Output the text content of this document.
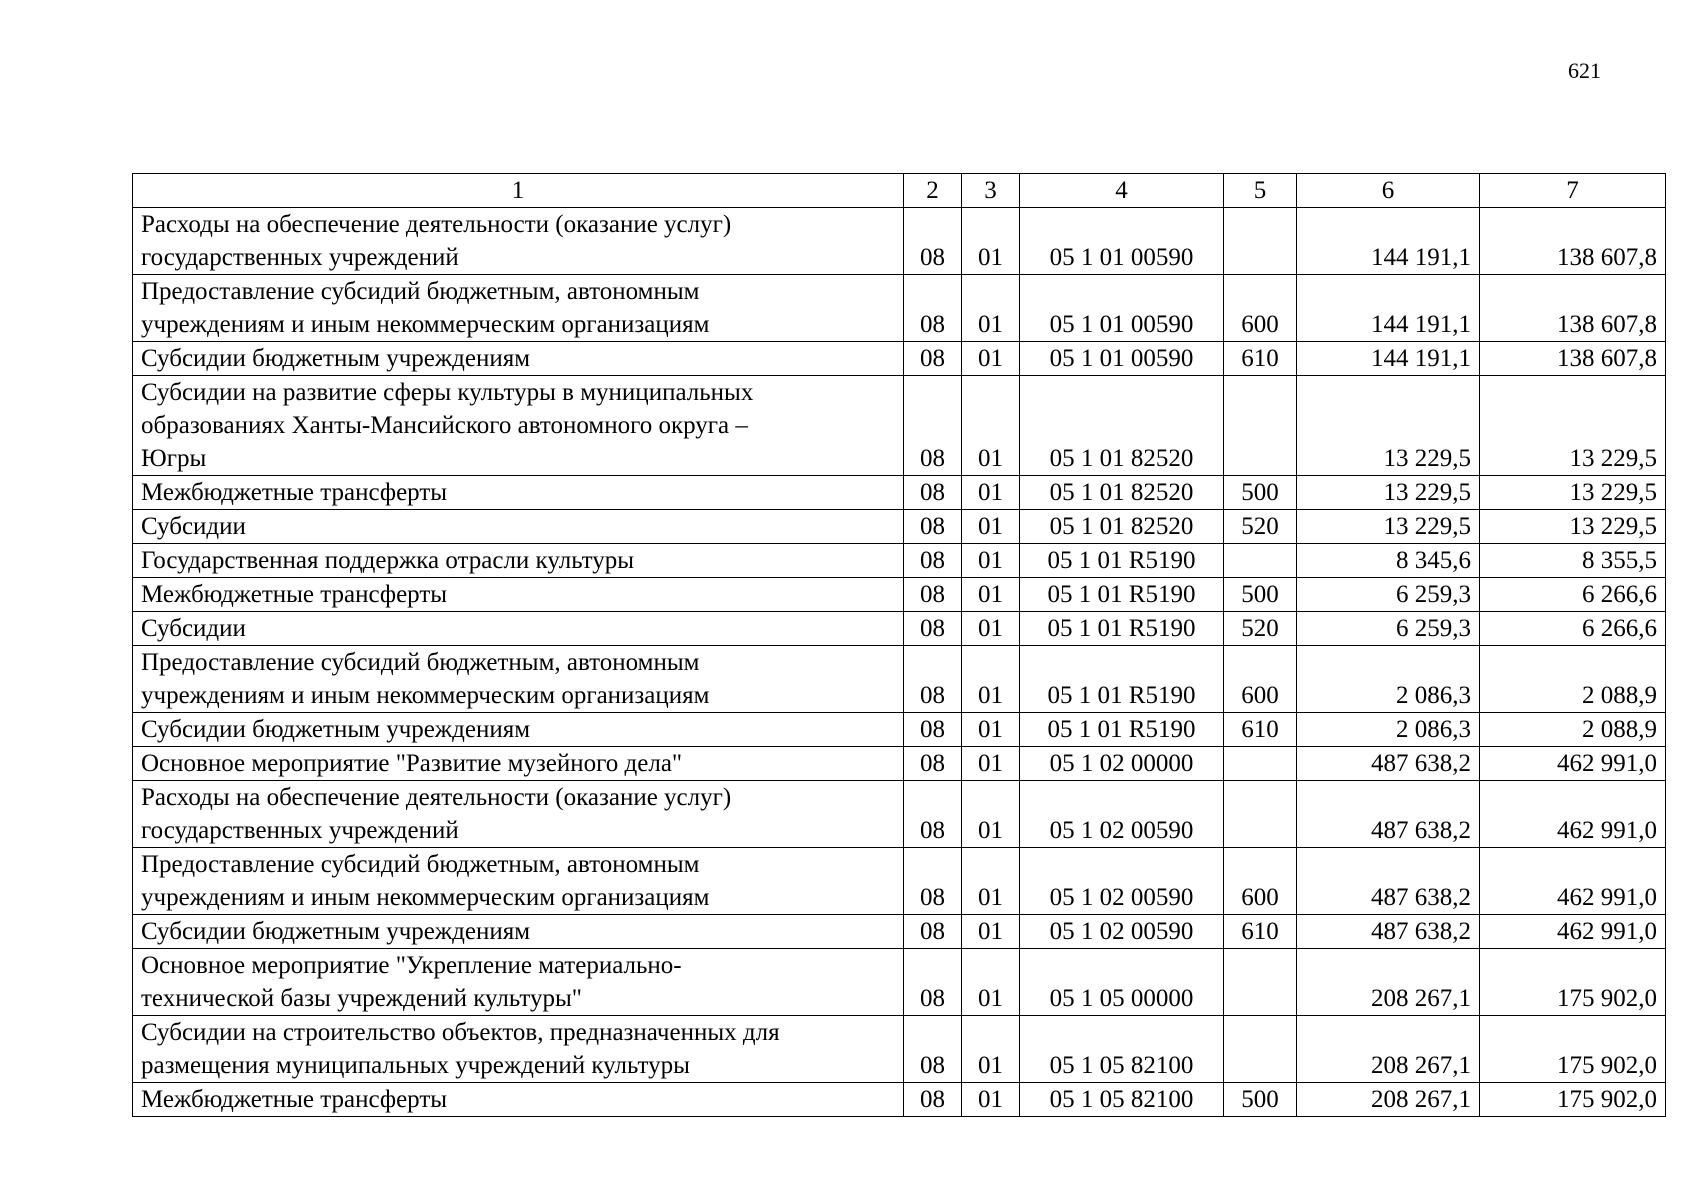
621
1	2	3	4	5	6	7
Расходы на обеспечение деятельности (оказание услуг)
государственных учреждений	08	01	05 1 01 00590		144 191,1	138 607,8
Предоставление субсидий бюджетным, автономным
учреждениям и иным некоммерческим организациям	08	01	05 1 01 00590	600	144 191,1	138 607,8
Субсидии бюджетным учреждениям	08	01	05 1 01 00590	610	144 191,1	138 607,8
Субсидии на развитие сферы культуры в муниципальных
образованиях Ханты-Мансийского автономного округа –
Югры	08	01	05 1 01 82520		13 229,5	13 229,5
Межбюджетные трансферты	08	01	05 1 01 82520	500	13 229,5	13 229,5
Субсидии	08	01	05 1 01 82520	520	13 229,5	13 229,5
Государственная поддержка отрасли культуры	08	01	05 1 01 R5190		8 345,6	8 355,5
Межбюджетные трансферты	08	01	05 1 01 R5190	500	6 259,3	6 266,6
Субсидии	08	01	05 1 01 R5190	520	6 259,3	6 266,6
Предоставление субсидий бюджетным, автономным
учреждениям и иным некоммерческим организациям	08	01	05 1 01 R5190	600	2 086,3	2 088,9
Субсидии бюджетным учреждениям	08	01	05 1 01 R5190	610	2 086,3	2 088,9
Основное мероприятие "Развитие музейного дела"	08	01	05 1 02 00000		487 638,2	462 991,0
Расходы на обеспечение деятельности (оказание услуг)
государственных учреждений	08	01	05 1 02 00590		487 638,2	462 991,0
Предоставление субсидий бюджетным, автономным
учреждениям и иным некоммерческим организациям	08	01	05 1 02 00590	600	487 638,2	462 991,0
Субсидии бюджетным учреждениям	08	01	05 1 02 00590	610	487 638,2	462 991,0
Основное мероприятие "Укрепление материально-
технической базы учреждений культуры"	08	01	05 1 05 00000		208 267,1	175 902,0
Субсидии на строительство объектов, предназначенных для
размещения муниципальных учреждений культуры	08	01	05 1 05 82100		208 267,1	175 902,0
Межбюджетные трансферты	08	01	05 1 05 82100	500	208 267,1	175 902,0
